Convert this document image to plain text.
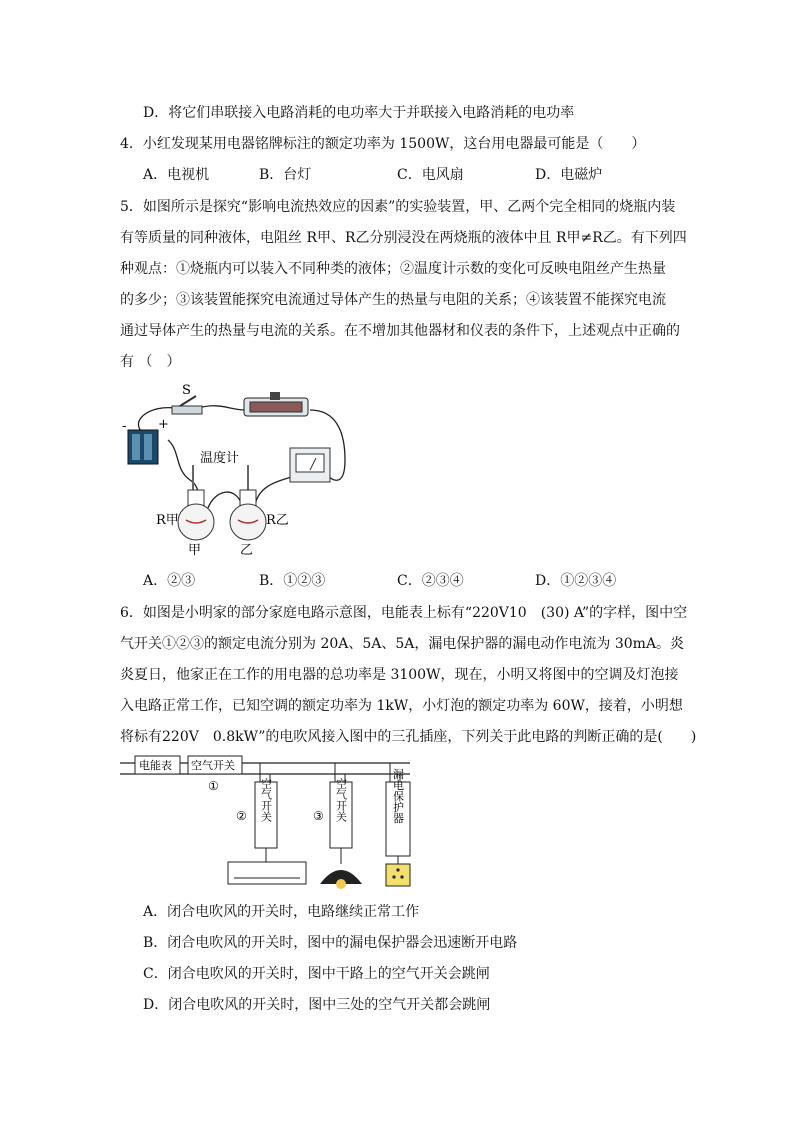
D．将它们串联接入电路消耗的电功率大于并联接入电路消耗的电功率
4．小红发现某用电器铭牌标注的额定功率为 1500W，这台用电器最可能是（　　）
A．电视机	B．台灯	C．电风扇	D．电磁炉
5．如图所示是探究“影响电流热效应的因素”的实验装置，甲、乙两个完全相同的烧瓶内装
有等质量的同种液体，电阻丝 R甲、R乙分别浸没在两烧瓶的液体中且 R甲≠R乙。有下列四
种观点：①烧瓶内可以装入不同种类的液体；②温度计示数的变化可反映电阻丝产生热量
的多少；③该装置能探究电流通过导体产生的热量与电阻的关系；④该装置不能探究电流
通过导体产生的热量与电流的关系。在不增加其他器材和仪表的条件下，上述观点中正确的
有 （　）
- +
S
温度计
R甲	R乙
甲	乙
A．②③	B．①②③	C．②③④	D．①②③④
6．如图是小明家的部分家庭电路示意图，电能表上标有“220V10　(30) A”的字样，图中空
气开关①②③的额定电流分别为 20A、5A、5A，漏电保护器的漏电动作电流为 30mA。炎
炎夏日，他家正在工作的用电器的总功率是 3100W，现在，小明又将图中的空调及灯泡接
入电路正常工作，已知空调的额定功率为 1kW，小灯泡的额定功率为 60W，接着，小明想
将标有220V　0.8kW”的电吹风接入图中的三孔插座，下列关于此电路的判断正确的是(　　)
电能表 空气开关
①	空气开关
②	空气开关
③	漏电保护器
A．闭合电吹风的开关时，电路继续正常工作
B．闭合电吹风的开关时，图中的漏电保护器会迅速断开电路
C．闭合电吹风的开关时，图中干路上的空气开关会跳闸
D．闭合电吹风的开关时，图中三处的空气开关都会跳闸
